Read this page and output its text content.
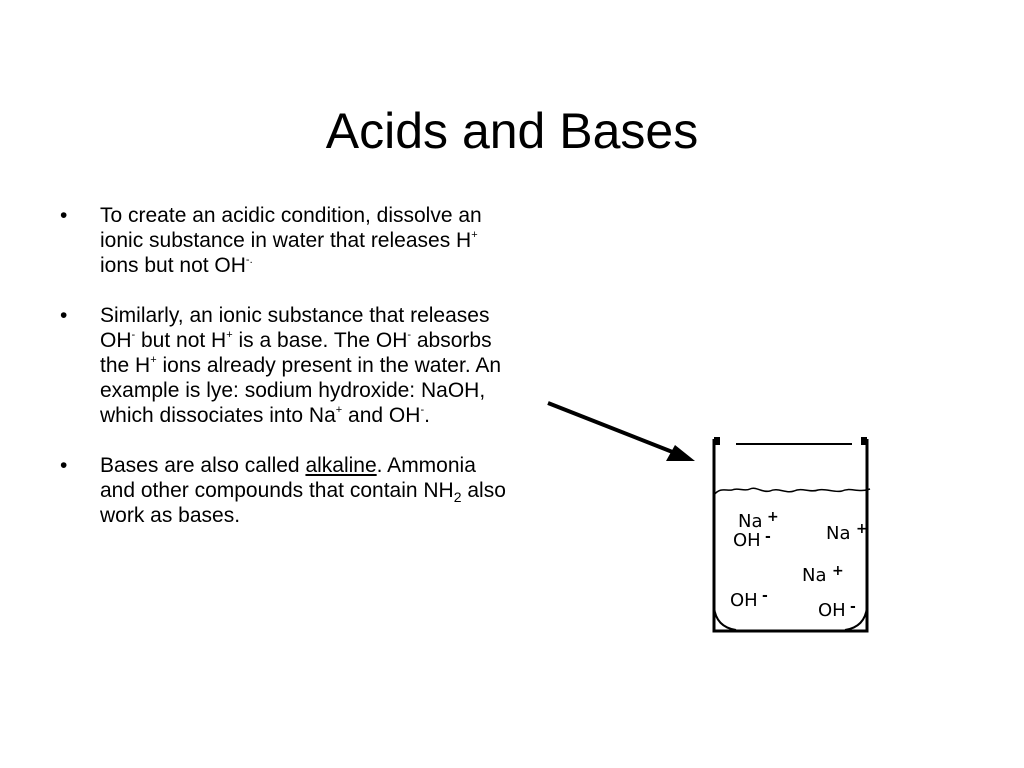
Acids and Bases
•	To create an acidic condition, dissolve an ionic substance in water that releases H+ ions but not OH-.
•	Similarly, an ionic substance that releases OH- but not H+ is a base. The OH- absorbs the H+ ions already present in the water. An example is lye: sodium hydroxide: NaOH, which dissociates into Na+ and OH-.
•	Bases are also called alkaline. Ammonia and other compounds that contain $NH_2$ also work as bases.	Na +
OH -	Na +
Na +
OH -
OH -
